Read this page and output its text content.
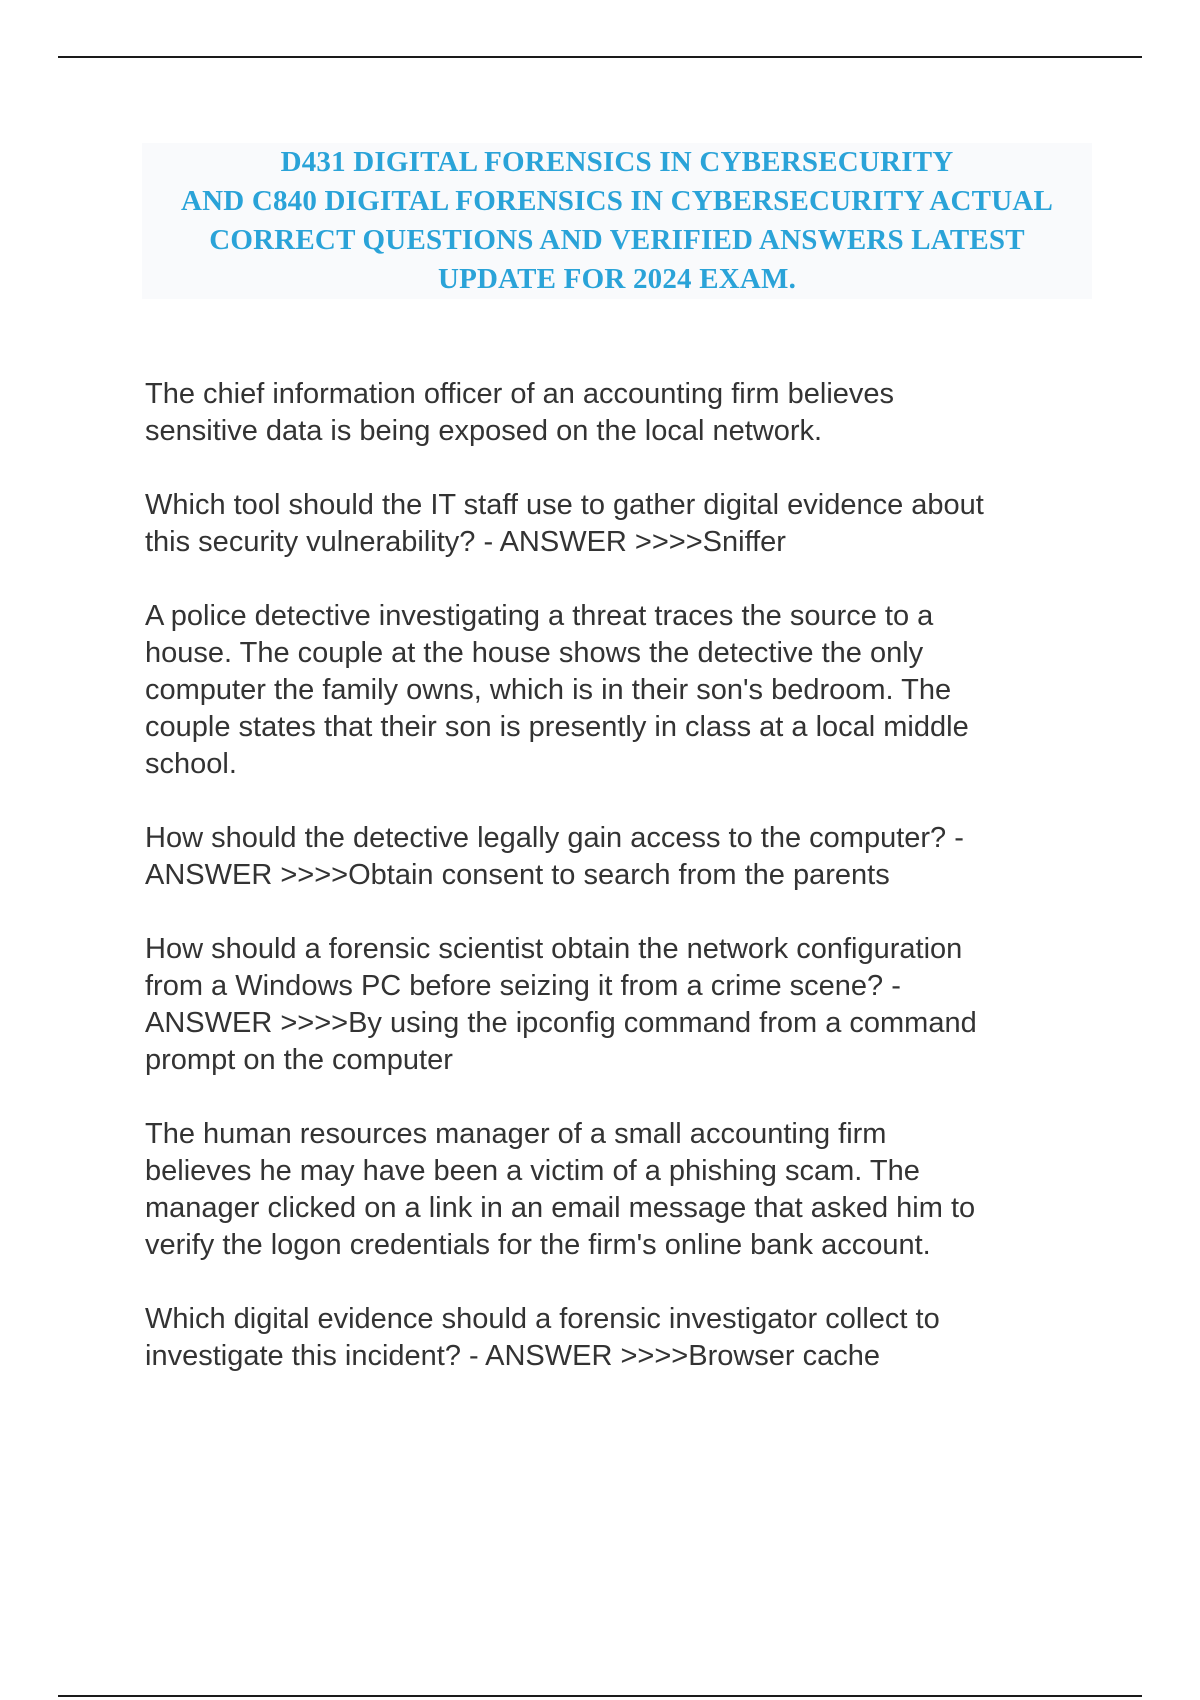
D431 DIGITAL FORENSICS IN CYBERSECURITY
AND C840 DIGITAL FORENSICS IN CYBERSECURITY ACTUAL
CORRECT QUESTIONS AND VERIFIED ANSWERS LATEST
UPDATE FOR 2024 EXAM.

The chief information officer of an accounting firm believes
sensitive data is being exposed on the local network.

Which tool should the IT staff use to gather digital evidence about
this security vulnerability? - ANSWER >>>>Sniffer

A police detective investigating a threat traces the source to a
house. The couple at the house shows the detective the only
computer the family owns, which is in their son's bedroom. The
couple states that their son is presently in class at a local middle
school.

How should the detective legally gain access to the computer? -
ANSWER >>>>Obtain consent to search from the parents

How should a forensic scientist obtain the network configuration
from a Windows PC before seizing it from a crime scene? -
ANSWER >>>>By using the ipconfig command from a command
prompt on the computer

The human resources manager of a small accounting firm
believes he may have been a victim of a phishing scam. The
manager clicked on a link in an email message that asked him to
verify the logon credentials for the firm's online bank account.

Which digital evidence should a forensic investigator collect to
investigate this incident? - ANSWER >>>>Browser cache
